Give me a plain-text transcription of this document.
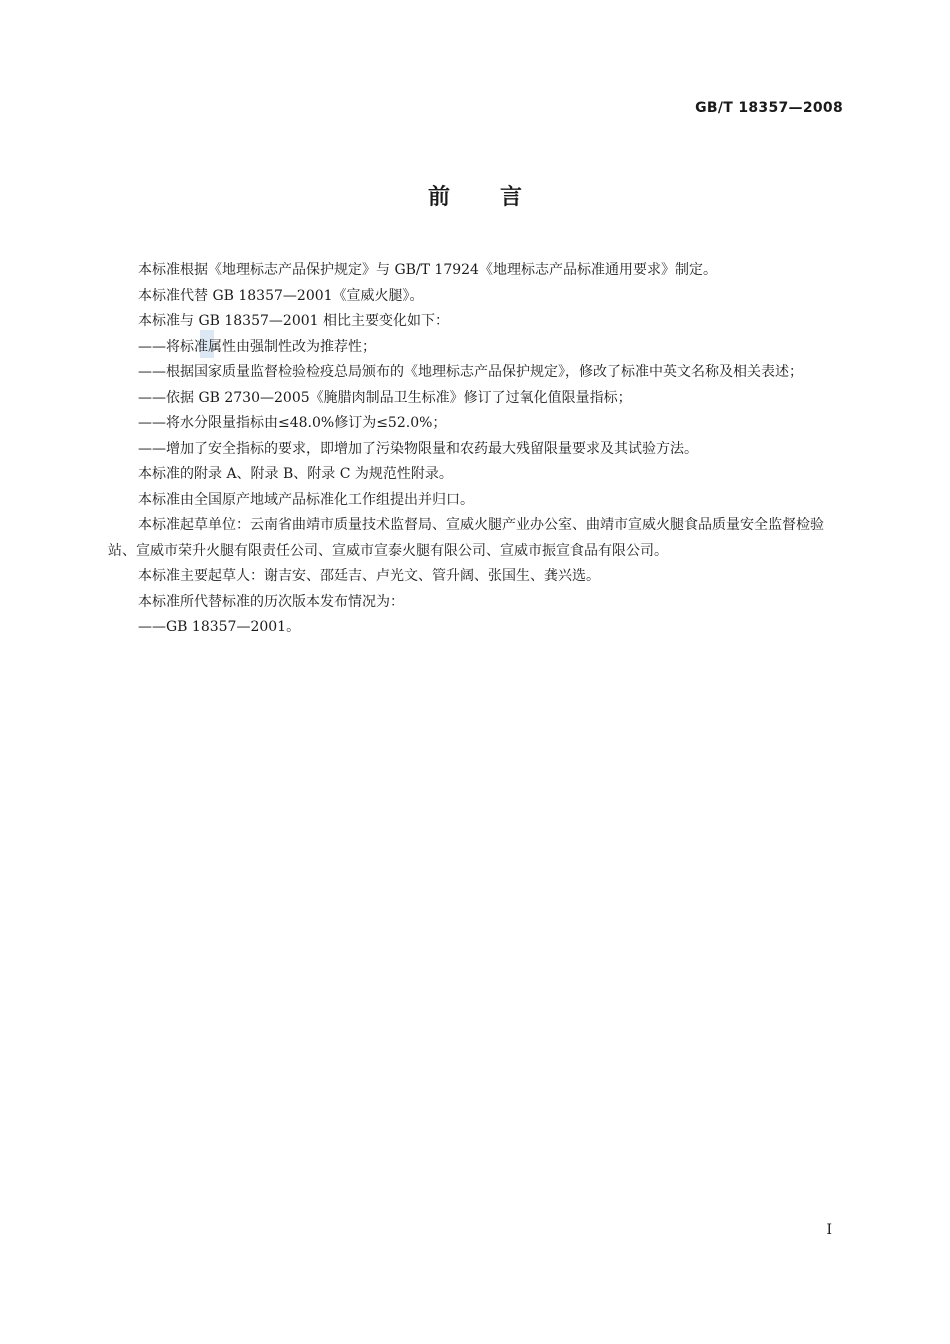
GB/T 18357—2008
前言

本标准根据《地理标志产品保护规定》与 GB/T 17924《地理标志产品标准通用要求》制定。

本标准代替 GB 18357—2001《宣威火腿》。

本标准与 GB 18357—2001 相比主要变化如下：

——将标准属性由强制性改为推荐性；

——根据国家质量监督检验检疫总局颁布的《地理标志产品保护规定》，修改了标准中英文名称及相关表述；

——依据 GB 2730—2005《腌腊肉制品卫生标准》修订了过氧化值限量指标；

——将水分限量指标由≤48.0%修订为≤52.0%；

——增加了安全指标的要求，即增加了污染物限量和农药最大残留限量要求及其试验方法。

本标准的附录 A、附录 B、附录 C 为规范性附录。

本标准由全国原产地域产品标准化工作组提出并归口。

本标准起草单位：云南省曲靖市质量技术监督局、宣威火腿产业办公室、曲靖市宣威火腿食品质量安全监督检验站、宣威市荣升火腿有限责任公司、宣威市宣泰火腿有限公司、宣威市振宣食品有限公司。

本标准主要起草人：谢吉安、邵廷吉、卢光文、管升阔、张国生、龚兴选。

本标准所代替标准的历次版本发布情况为：

——GB 18357—2001。

I
